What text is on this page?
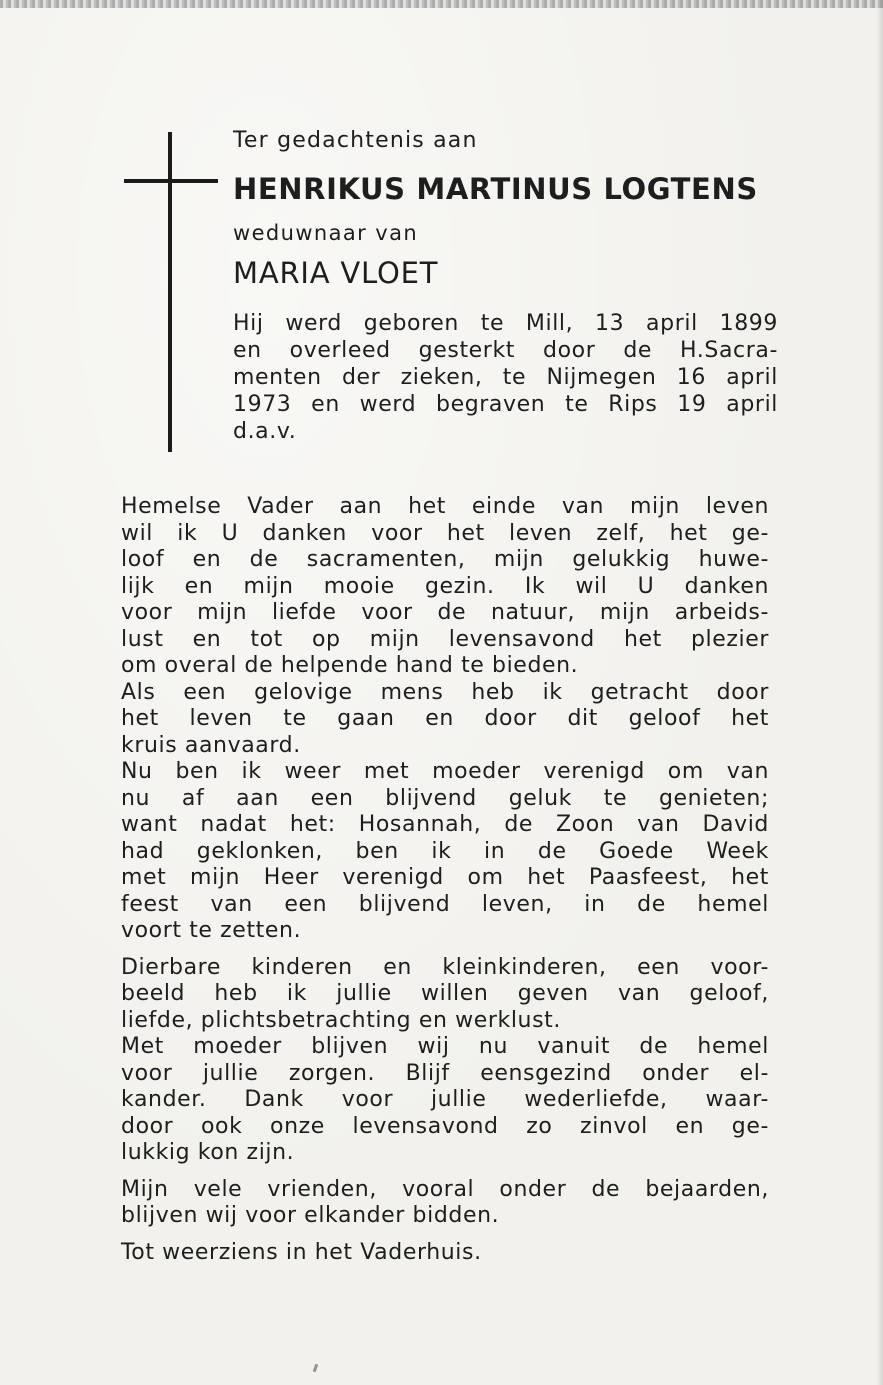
Ter gedachtenis aan
HENRIKUS MARTINUS LOGTENS
weduwnaar van
MARIA VLOET
Hij werd geboren te Mill, 13 april 1899
en overleed gesterkt door de H.Sacra-
menten der zieken, te Nijmegen 16 april
1973 en werd begraven te Rips 19 april
d.a.v.
Hemelse Vader aan het einde van mijn leven
wil ik U danken voor het leven zelf, het ge-
loof en de sacramenten, mijn gelukkig huwe-
lijk en mijn mooie gezin. Ik wil U danken
voor mijn liefde voor de natuur, mijn arbeids-
lust en tot op mijn levensavond het plezier
om overal de helpende hand te bieden.
Als een gelovige mens heb ik getracht door
het leven te gaan en door dit geloof het
kruis aanvaard.
Nu ben ik weer met moeder verenigd om van
nu af aan een blijvend geluk te genieten;
want nadat het: Hosannah, de Zoon van David
had geklonken, ben ik in de Goede Week
met mijn Heer verenigd om het Paasfeest, het
feest van een blijvend leven, in de hemel
voort te zetten.
Dierbare kinderen en kleinkinderen, een voor-
beeld heb ik jullie willen geven van geloof,
liefde, plichtsbetrachting en werklust.
Met moeder blijven wij nu vanuit de hemel
voor jullie zorgen. Blijf eensgezind onder el-
kander. Dank voor jullie wederliefde, waar-
door ook onze levensavond zo zinvol en ge-
lukkig kon zijn.
Mijn vele vrienden, vooral onder de bejaarden,
blijven wij voor elkander bidden.
Tot weerziens in het Vaderhuis.
